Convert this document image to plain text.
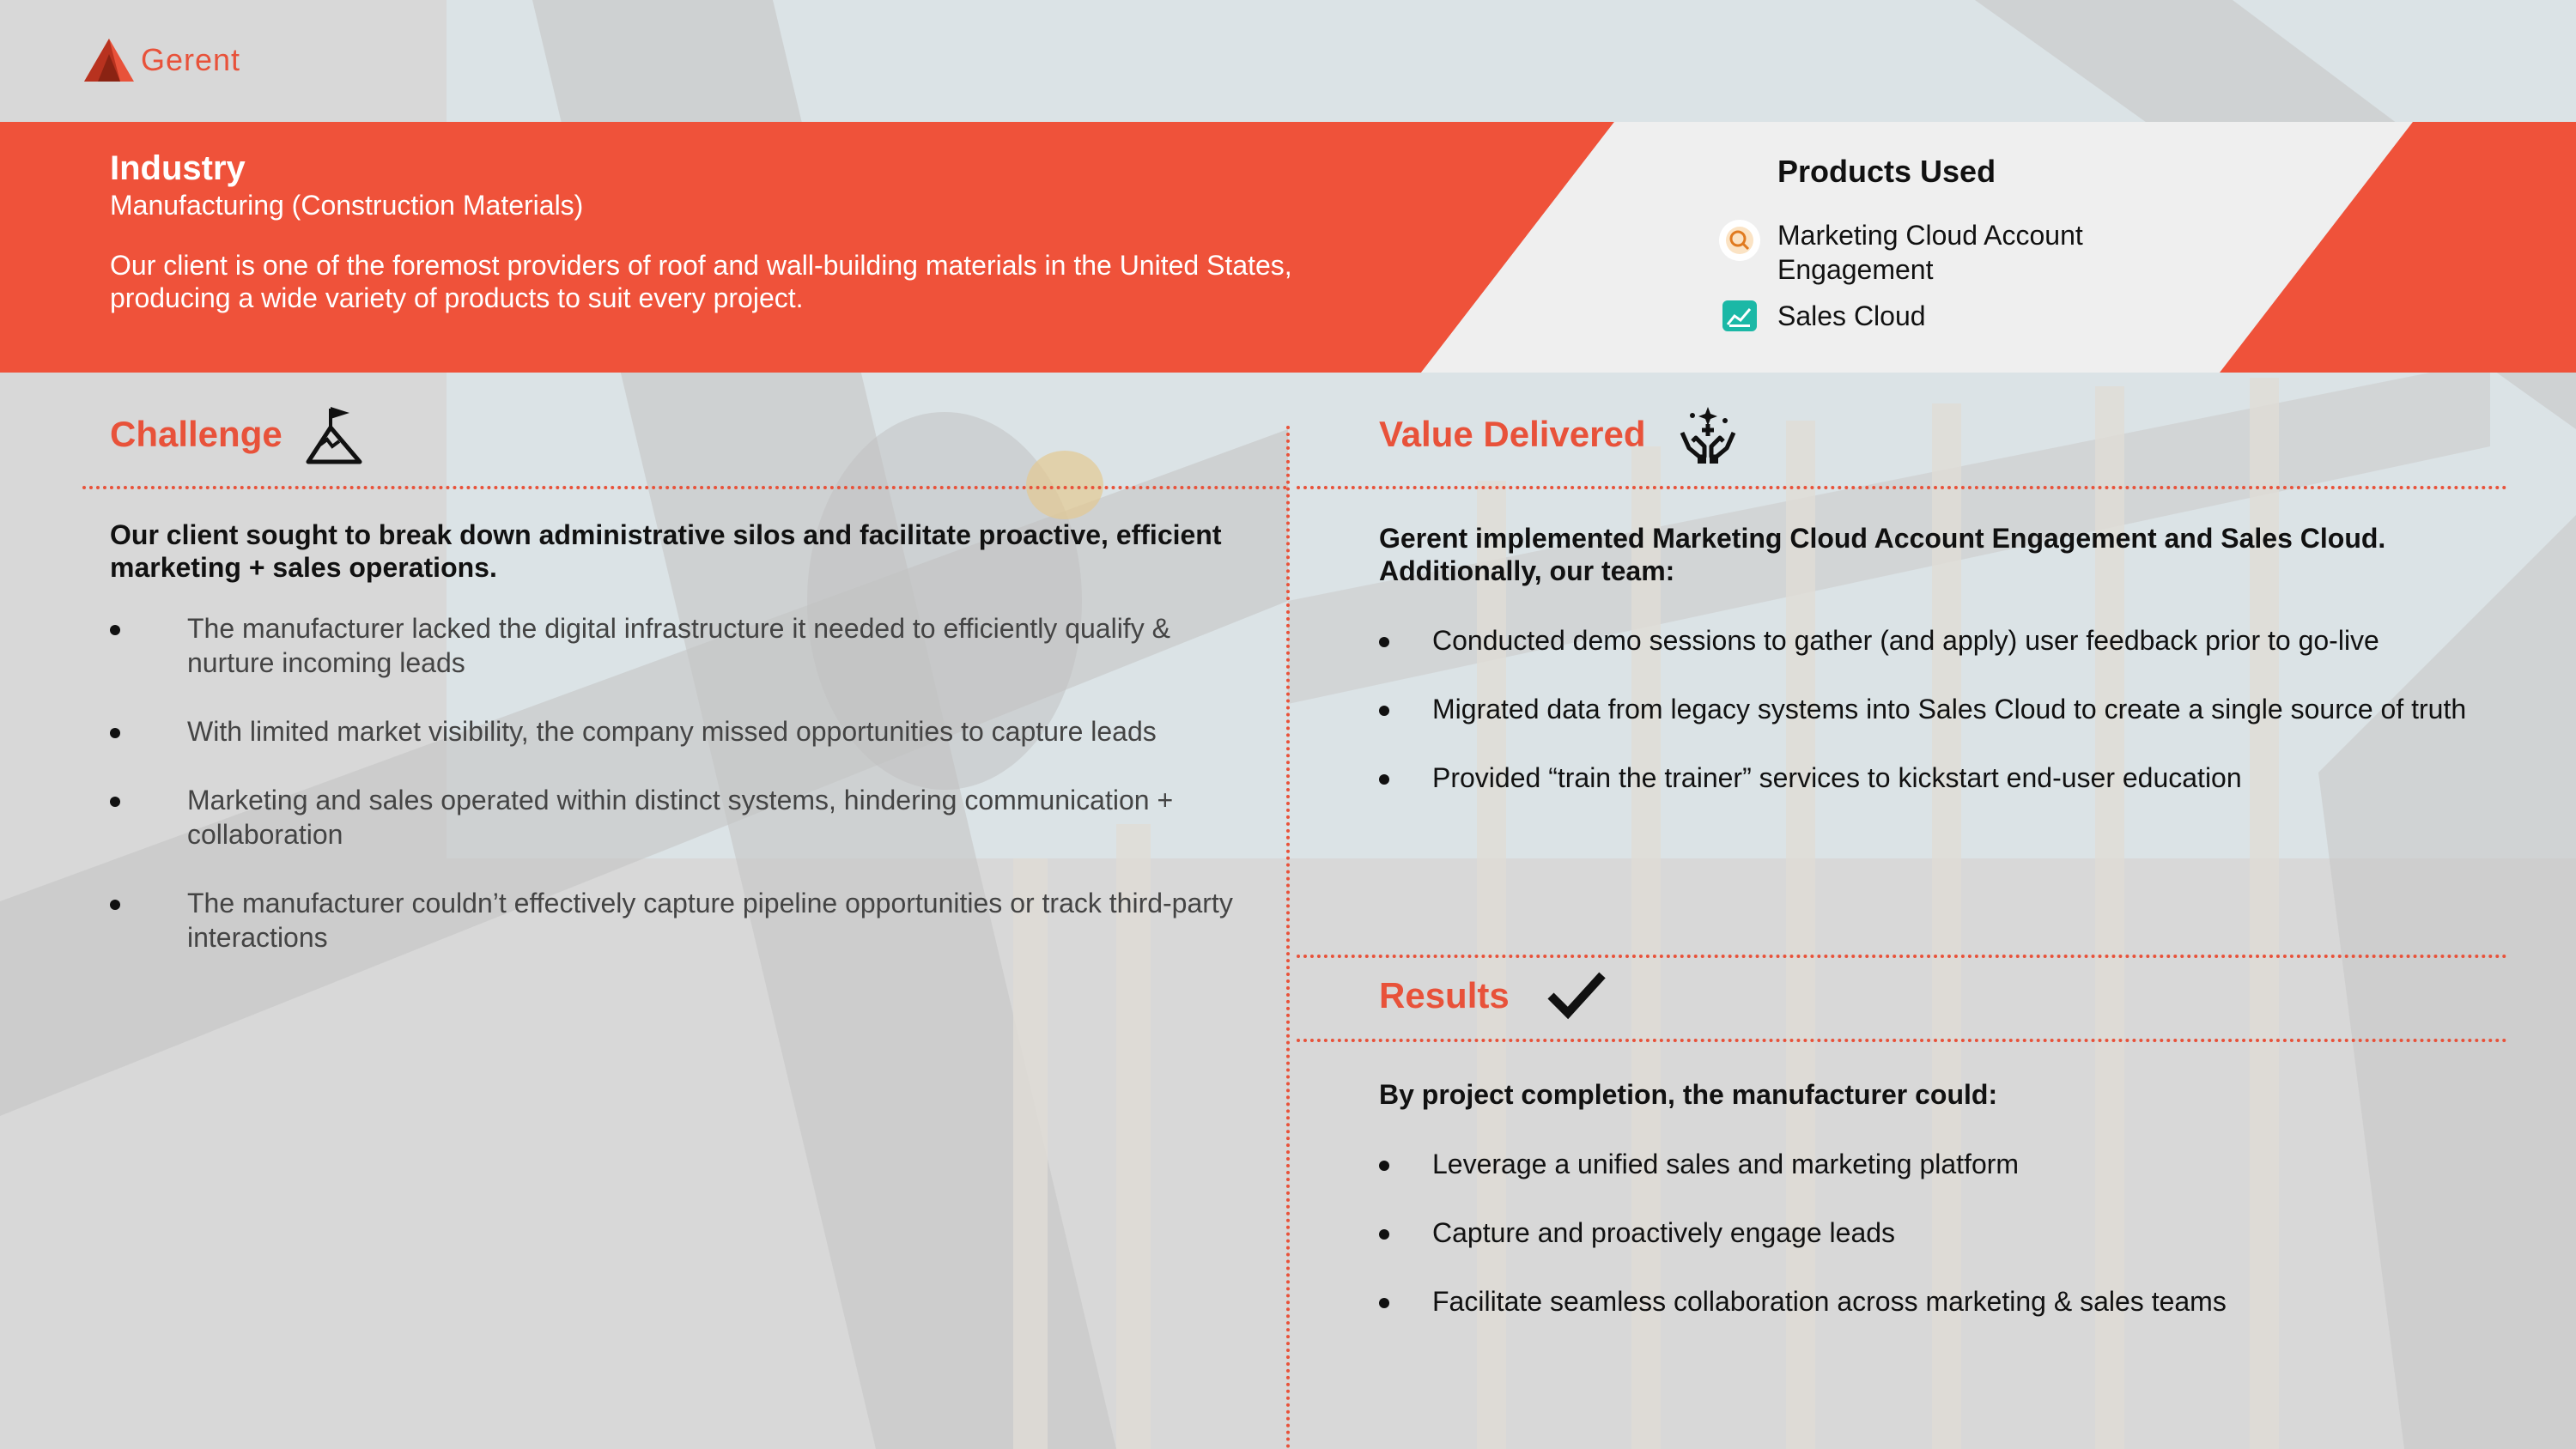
Gerent
Industry
Manufacturing (Construction Materials)
Our client is one of the foremost providers of roof and wall-building materials in the United States, producing a wide variety of products to suit every project.
Products Used
Marketing Cloud Account Engagement
Sales Cloud
Challenge
Our client sought to break down administrative silos and facilitate proactive, efficient marketing + sales operations.
The manufacturer lacked the digital infrastructure it needed to efficiently qualify & nurture incoming leads
With limited market visibility, the company missed opportunities to capture leads
Marketing and sales operated within distinct systems, hindering communication + collaboration
The manufacturer couldn’t effectively capture pipeline opportunities or track third-party interactions
Value Delivered
Gerent implemented Marketing Cloud Account Engagement and Sales Cloud. Additionally, our team:
Conducted demo sessions to gather (and apply) user feedback prior to go-live
Migrated data from legacy systems into Sales Cloud to create a single source of truth
Provided “train the trainer” services to kickstart end-user education
Results
By project completion, the manufacturer could:
Leverage a unified sales and marketing platform
Capture and proactively engage leads
Facilitate seamless collaboration across marketing & sales teams
